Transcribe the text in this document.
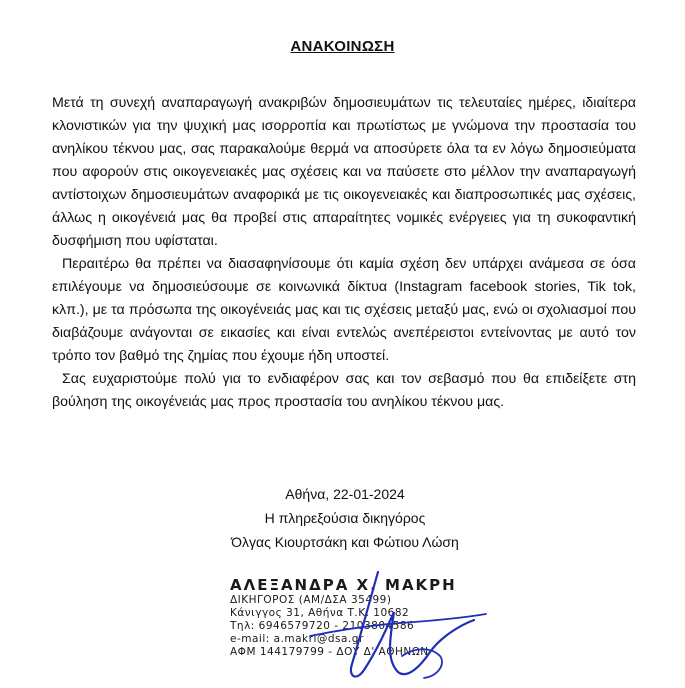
ΑΝΑΚΟΙΝΩΣΗ

Μετά τη συνεχή αναπαραγωγή ανακριβών δημοσιευμάτων τις τελευταίες ημέρες, ιδιαίτερα κλονιστικών για την ψυχική μας ισορροπία και πρωτίστως με γνώμονα την προστασία του ανηλίκου τέκνου μας, σας παρακαλούμε θερμά να αποσύρετε όλα τα εν λόγω δημοσιεύματα που αφορούν στις οικογενειακές μας σχέσεις και να παύσετε στο μέλλον την αναπαραγωγή αντίστοιχων δημοσιευμάτων αναφορικά με τις οικογενειακές και διαπροσωπικές μας σχέσεις, άλλως η οικογένειά μας θα προβεί στις απαραίτητες νομικές ενέργειες για τη συκοφαντική δυσφήμιση που υφίσταται.

Περαιτέρω θα πρέπει να διασαφηνίσουμε ότι καμία σχέση δεν υπάρχει ανάμεσα σε όσα επιλέγουμε να δημοσιεύσουμε σε κοινωνικά δίκτυα (Instagram facebook stories, Tik tok, κλπ.), με τα πρόσωπα της οικογένειάς μας και τις σχέσεις μεταξύ μας, ενώ οι σχολιασμοί που διαβάζουμε ανάγονται σε εικασίες και είναι εντελώς ανεπέρειστοι εντείνοντας με αυτό τον τρόπο τον βαθμό της ζημίας που έχουμε ήδη υποστεί.

Σας ευχαριστούμε πολύ για το ενδιαφέρον σας και τον σεβασμό που θα επιδείξετε στη βούληση της οικογένειάς μας προς προστασία του ανηλίκου τέκνου μας.

Αθήνα, 22-01-2024
Η πληρεξούσια δικηγόρος
Όλγας Κιουρτσάκη και Φώτιου Λώση
ΑΛΕΞΑΝΔΡΑ Χ. ΜΑΚΡΗ
ΔΙΚΗΓΟΡΟΣ (ΑΜ/ΔΣΑ 35499)
Κάνιγγος 31, Αθήνα Τ.Κ. 10682
Τηλ: 6946579720 - 2103804586
e-mail: a.makri@dsa.gr
ΑΦΜ 144179799 - ΔΟΥ Δ' ΑΘΗΝΩΝ
